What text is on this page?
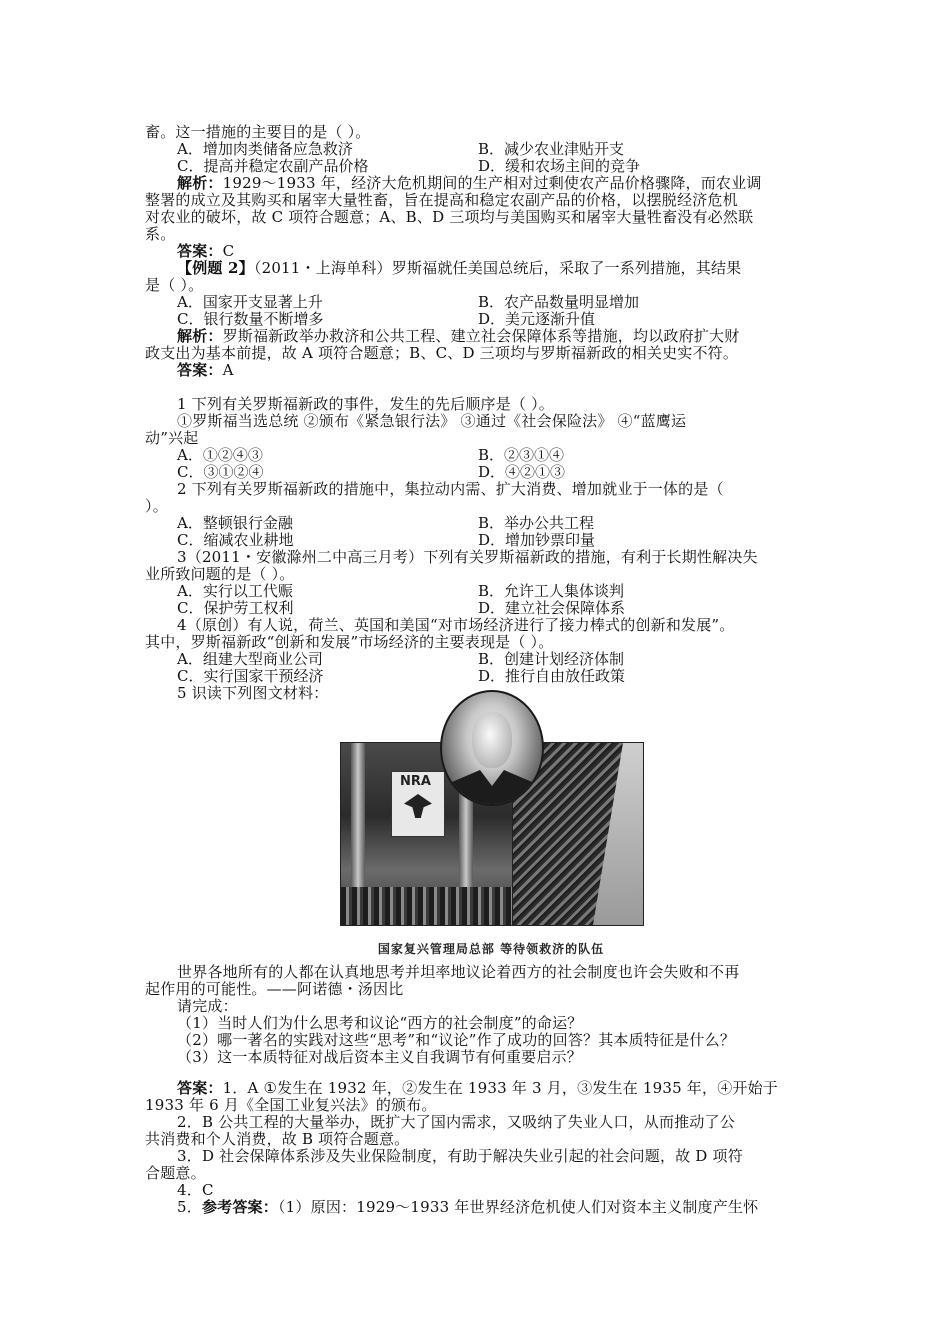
畜。这一措施的主要目的是（ ）。
A．增加肉类储备应急救济	B．减少农业津贴开支
C．提高并稳定农副产品价格	D．缓和农场主间的竞争
解析：1929～1933 年，经济大危机期间的生产相对过剩使农产品价格骤降，而农业调
整署的成立及其购买和屠宰大量牲畜，旨在提高和稳定农副产品的价格，以摆脱经济危机
对农业的破坏，故 C 项符合题意；A、B、D 三项均与美国购买和屠宰大量牲畜没有必然联
系。
答案：C
【例题 2】（2011・上海单科）罗斯福就任美国总统后，采取了一系列措施，其结果
是（ ）。
A．国家开支显著上升	B．农产品数量明显增加
C．银行数量不断增多	D．美元逐渐升值
解析：罗斯福新政举办救济和公共工程、建立社会保障体系等措施，均以政府扩大财
政支出为基本前提，故 A 项符合题意；B、C、D 三项均与罗斯福新政的相关史实不符。
答案：A
1 下列有关罗斯福新政的事件，发生的先后顺序是（ ）。
①罗斯福当选总统 ②颁布《紧急银行法》 ③通过《社会保险法》 ④“蓝鹰运
动”兴起
A．①②④③	B．②③①④
C．③①②④	D．④②①③
2 下列有关罗斯福新政的措施中，集拉动内需、扩大消费、增加就业于一体的是（
）。
A．整顿银行金融	B．举办公共工程
C．缩减农业耕地	D．增加钞票印量
3（2011・安徽滁州二中高三月考）下列有关罗斯福新政的措施，有利于长期性解决失
业所致问题的是（ ）。
A．实行以工代赈	B．允许工人集体谈判
C．保护劳工权利	D．建立社会保障体系
4（原创）有人说，荷兰、英国和美国“对市场经济进行了接力棒式的创新和发展”。
其中，罗斯福新政“创新和发展”市场经济的主要表现是（ ）。
A．组建大型商业公司	B．创建计划经济体制
C．实行国家干预经济	D．推行自由放任政策
5 识读下列图文材料：
NRA
国家复兴管理局总部 等待领救济的队伍
世界各地所有的人都在认真地思考并坦率地议论着西方的社会制度也许会失败和不再
起作用的可能性。——阿诺德・汤因比
请完成：
（1）当时人们为什么思考和议论“西方的社会制度”的命运？
（2）哪一著名的实践对这些“思考”和“议论”作了成功的回答？其本质特征是什么？
（3）这一本质特征对战后资本主义自我调节有何重要启示？
答案：1．A ①发生在 1932 年，②发生在 1933 年 3 月，③发生在 1935 年，④开始于
1933 年 6 月《全国工业复兴法》的颁布。
2．B 公共工程的大量举办，既扩大了国内需求，又吸纳了失业人口，从而推动了公
共消费和个人消费，故 B 项符合题意。
3．D 社会保障体系涉及失业保险制度，有助于解决失业引起的社会问题，故 D 项符
合题意。
4．C
5．参考答案：（1）原因：1929～1933 年世界经济危机使人们对资本主义制度产生怀
